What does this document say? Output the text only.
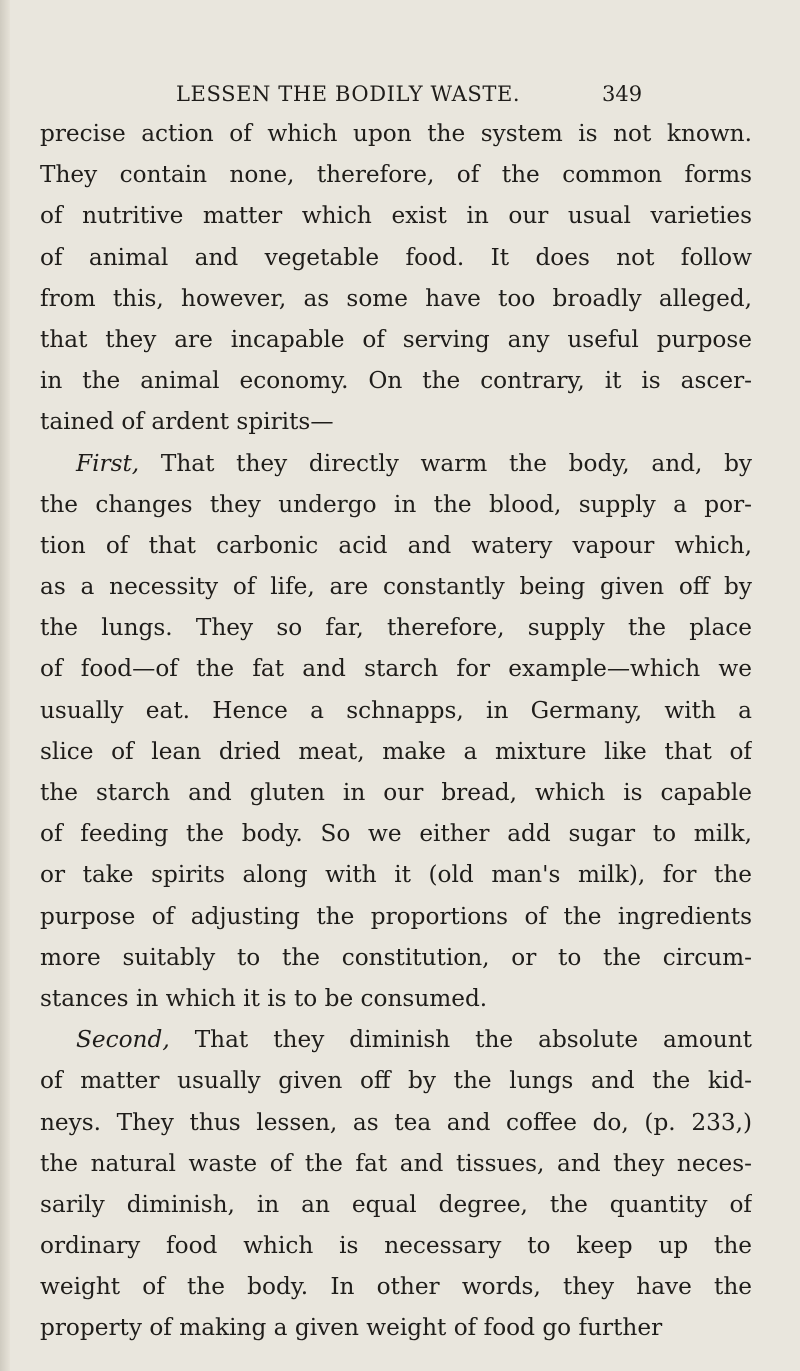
LESSEN THE BODILY WASTE.	349
precise action of which upon the system is not known.
They contain none, therefore, of the common forms
of nutritive matter which exist in our usual varieties
of animal and vegetable food. It does not follow
from this, however, as some have too broadly alleged,
that they are incapable of serving any useful purpose
in the animal economy. On the contrary, it is ascer-
tained of ardent spirits—
First, That they directly warm the body, and, by
the changes they undergo in the blood, supply a por-
tion of that carbonic acid and watery vapour which,
as a necessity of life, are constantly being given off by
the lungs. They so far, therefore, supply the place
of food—of the fat and starch for example—which we
usually eat. Hence a schnapps, in Germany, with a
slice of lean dried meat, make a mixture like that of
the starch and gluten in our bread, which is capable
of feeding the body. So we either add sugar to milk,
or take spirits along with it (old man's milk), for the
purpose of adjusting the proportions of the ingredients
more suitably to the constitution, or to the circum-
stances in which it is to be consumed.
Second, That they diminish the absolute amount
of matter usually given off by the lungs and the kid-
neys. They thus lessen, as tea and coffee do, (p. 233,)
the natural waste of the fat and tissues, and they neces-
sarily diminish, in an equal degree, the quantity of
ordinary food which is necessary to keep up the
weight of the body. In other words, they have the
property of making a given weight of food go further
